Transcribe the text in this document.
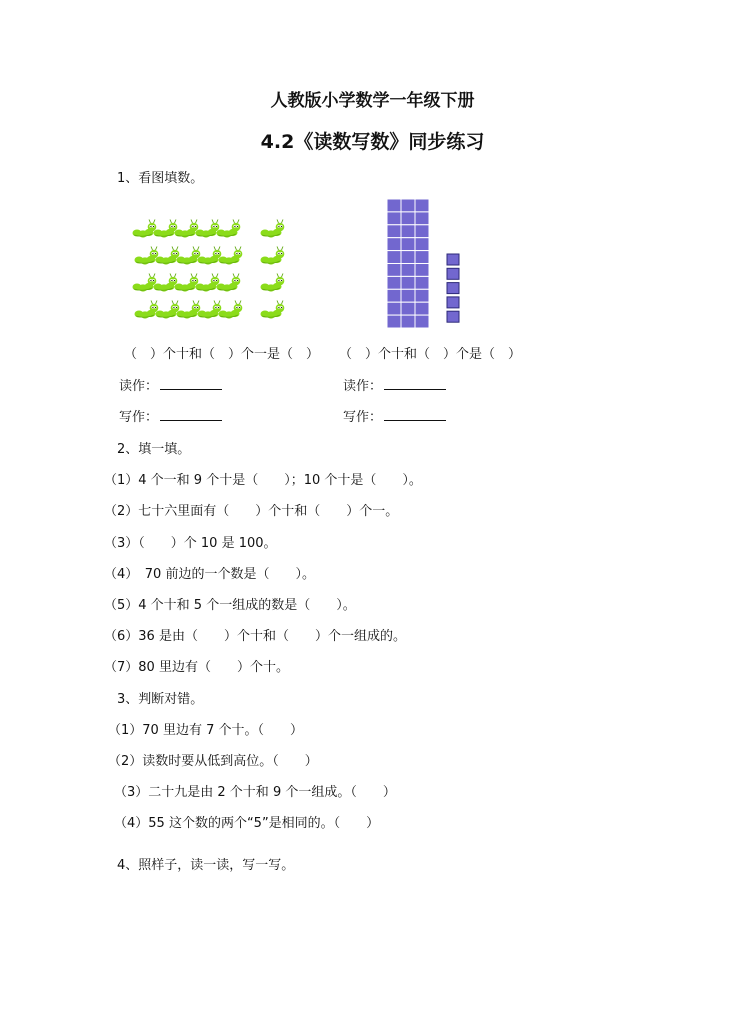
人教版小学数学一年级下册
4.2《读数写数》同步练习
1、看图填数。
（　）个十和（　）个一是（　） （　）个十和（　）个是（　）
读作：	读作：
写作：	写作：
2、填一填。
（1）4 个一和 9 个十是（　　）；10 个十是（　　）。
（2）七十六里面有（　　）个十和（　　）个一。
（3）（　　）个 10 是 100。
（4）　70 前边的一个数是（　　）。
（5）4 个十和 5 个一组成的数是（　　）。
（6）36 是由（　　）个十和（　　）个一组成的。
（7）80 里边有（　　）个十。
3、判断对错。
（1）70 里边有 7 个十。（　　）
（2）读数时要从低到高位。（　　）
（3）二十九是由 2 个十和 9 个一组成。（　　）
（4）55 这个数的两个“5”是相同的。（　　）
4、照样子，读一读，写一写。
